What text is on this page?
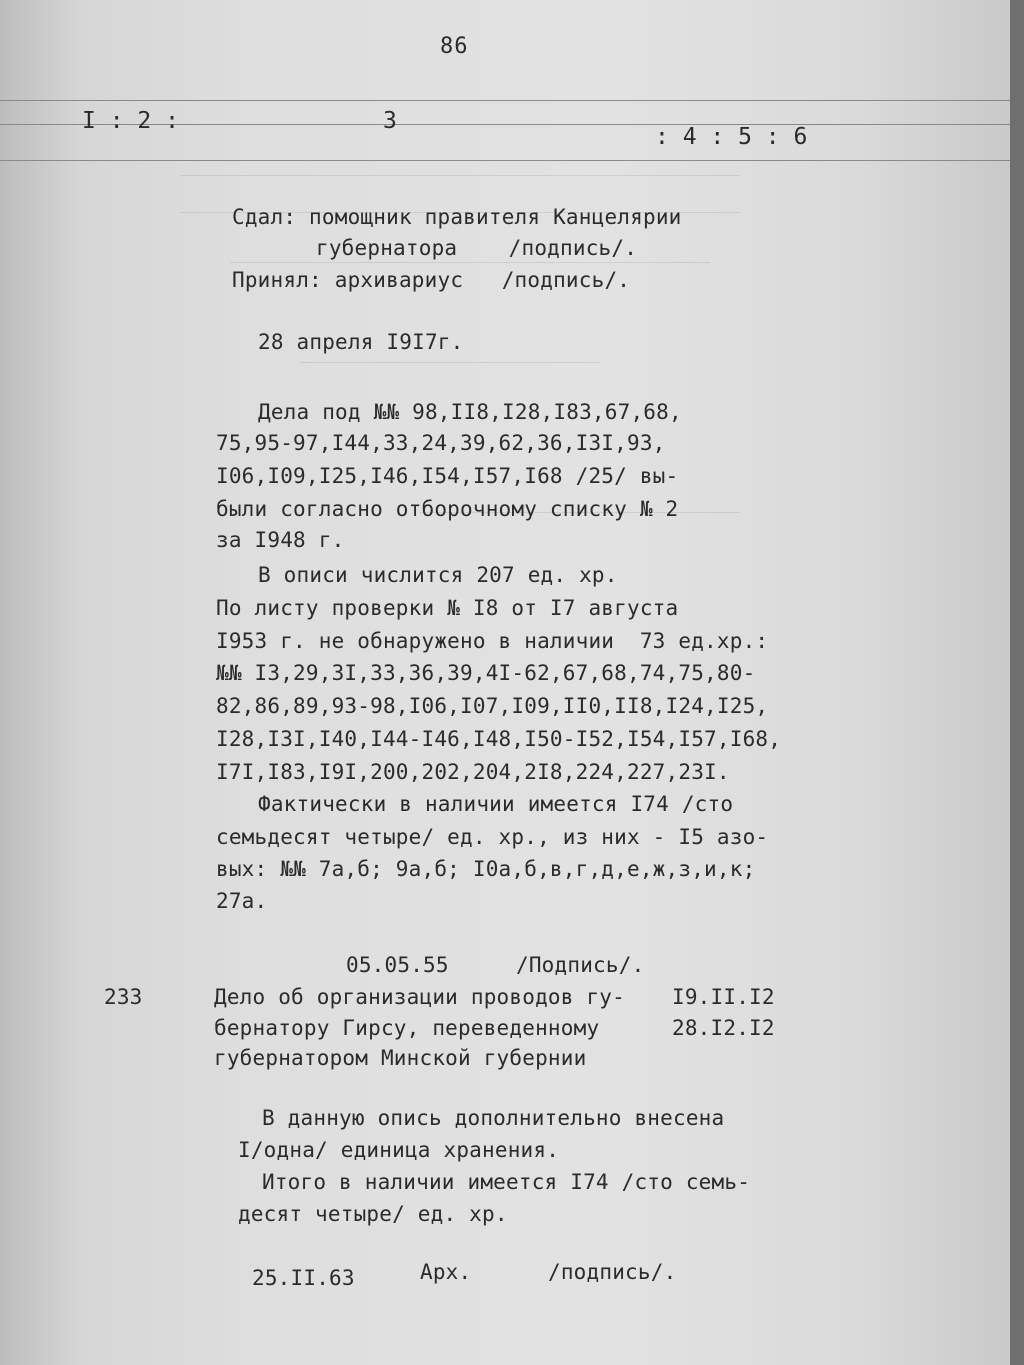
86
I : 2 :	3
: 4 : 5 : 6
Сдал: помощник правителя Канцелярии
губернатора    /подпись/.
Принял: архивариус   /подпись/.
28 апреля I9I7г.
Дела под №№ 98,II8,I28,I83,67,68,
75,95-97,I44,33,24,39,62,36,I3I,93,
I06,I09,I25,I46,I54,I57,I68 /25/ вы-
были согласно отборочному списку № 2
за I948 г.
В описи числится 207 ед. хр.
По листу проверки № I8 от I7 августа
I953 г. не обнаружено в наличии  73 ед.хр.:
№№ I3,29,3I,33,36,39,4I-62,67,68,74,75,80-
82,86,89,93-98,I06,I07,I09,II0,II8,I24,I25,
I28,I3I,I40,I44-I46,I48,I50-I52,I54,I57,I68,
I7I,I83,I9I,200,202,204,2I8,224,227,23I.
Фактически в наличии имеется I74 /сто
семьдесят четыре/ ед. хр., из них - I5 азо-
вых: №№ 7а,б; 9а,б; I0а,б,в,г,д,е,ж,з,и,к;
27а.
05.05.55	/Подпись/.
233	Дело об организации проводов гу-
бернатору Гирсу, переведенному
губернатором Минской губернии
I9.II.I2
28.I2.I2
В данную опись дополнительно внесена
I/одна/ единица хранения.
Итого в наличии имеется I74 /сто семь-
десят четыре/ ед. хр.
25.II.63	Арх.	/подпись/.
